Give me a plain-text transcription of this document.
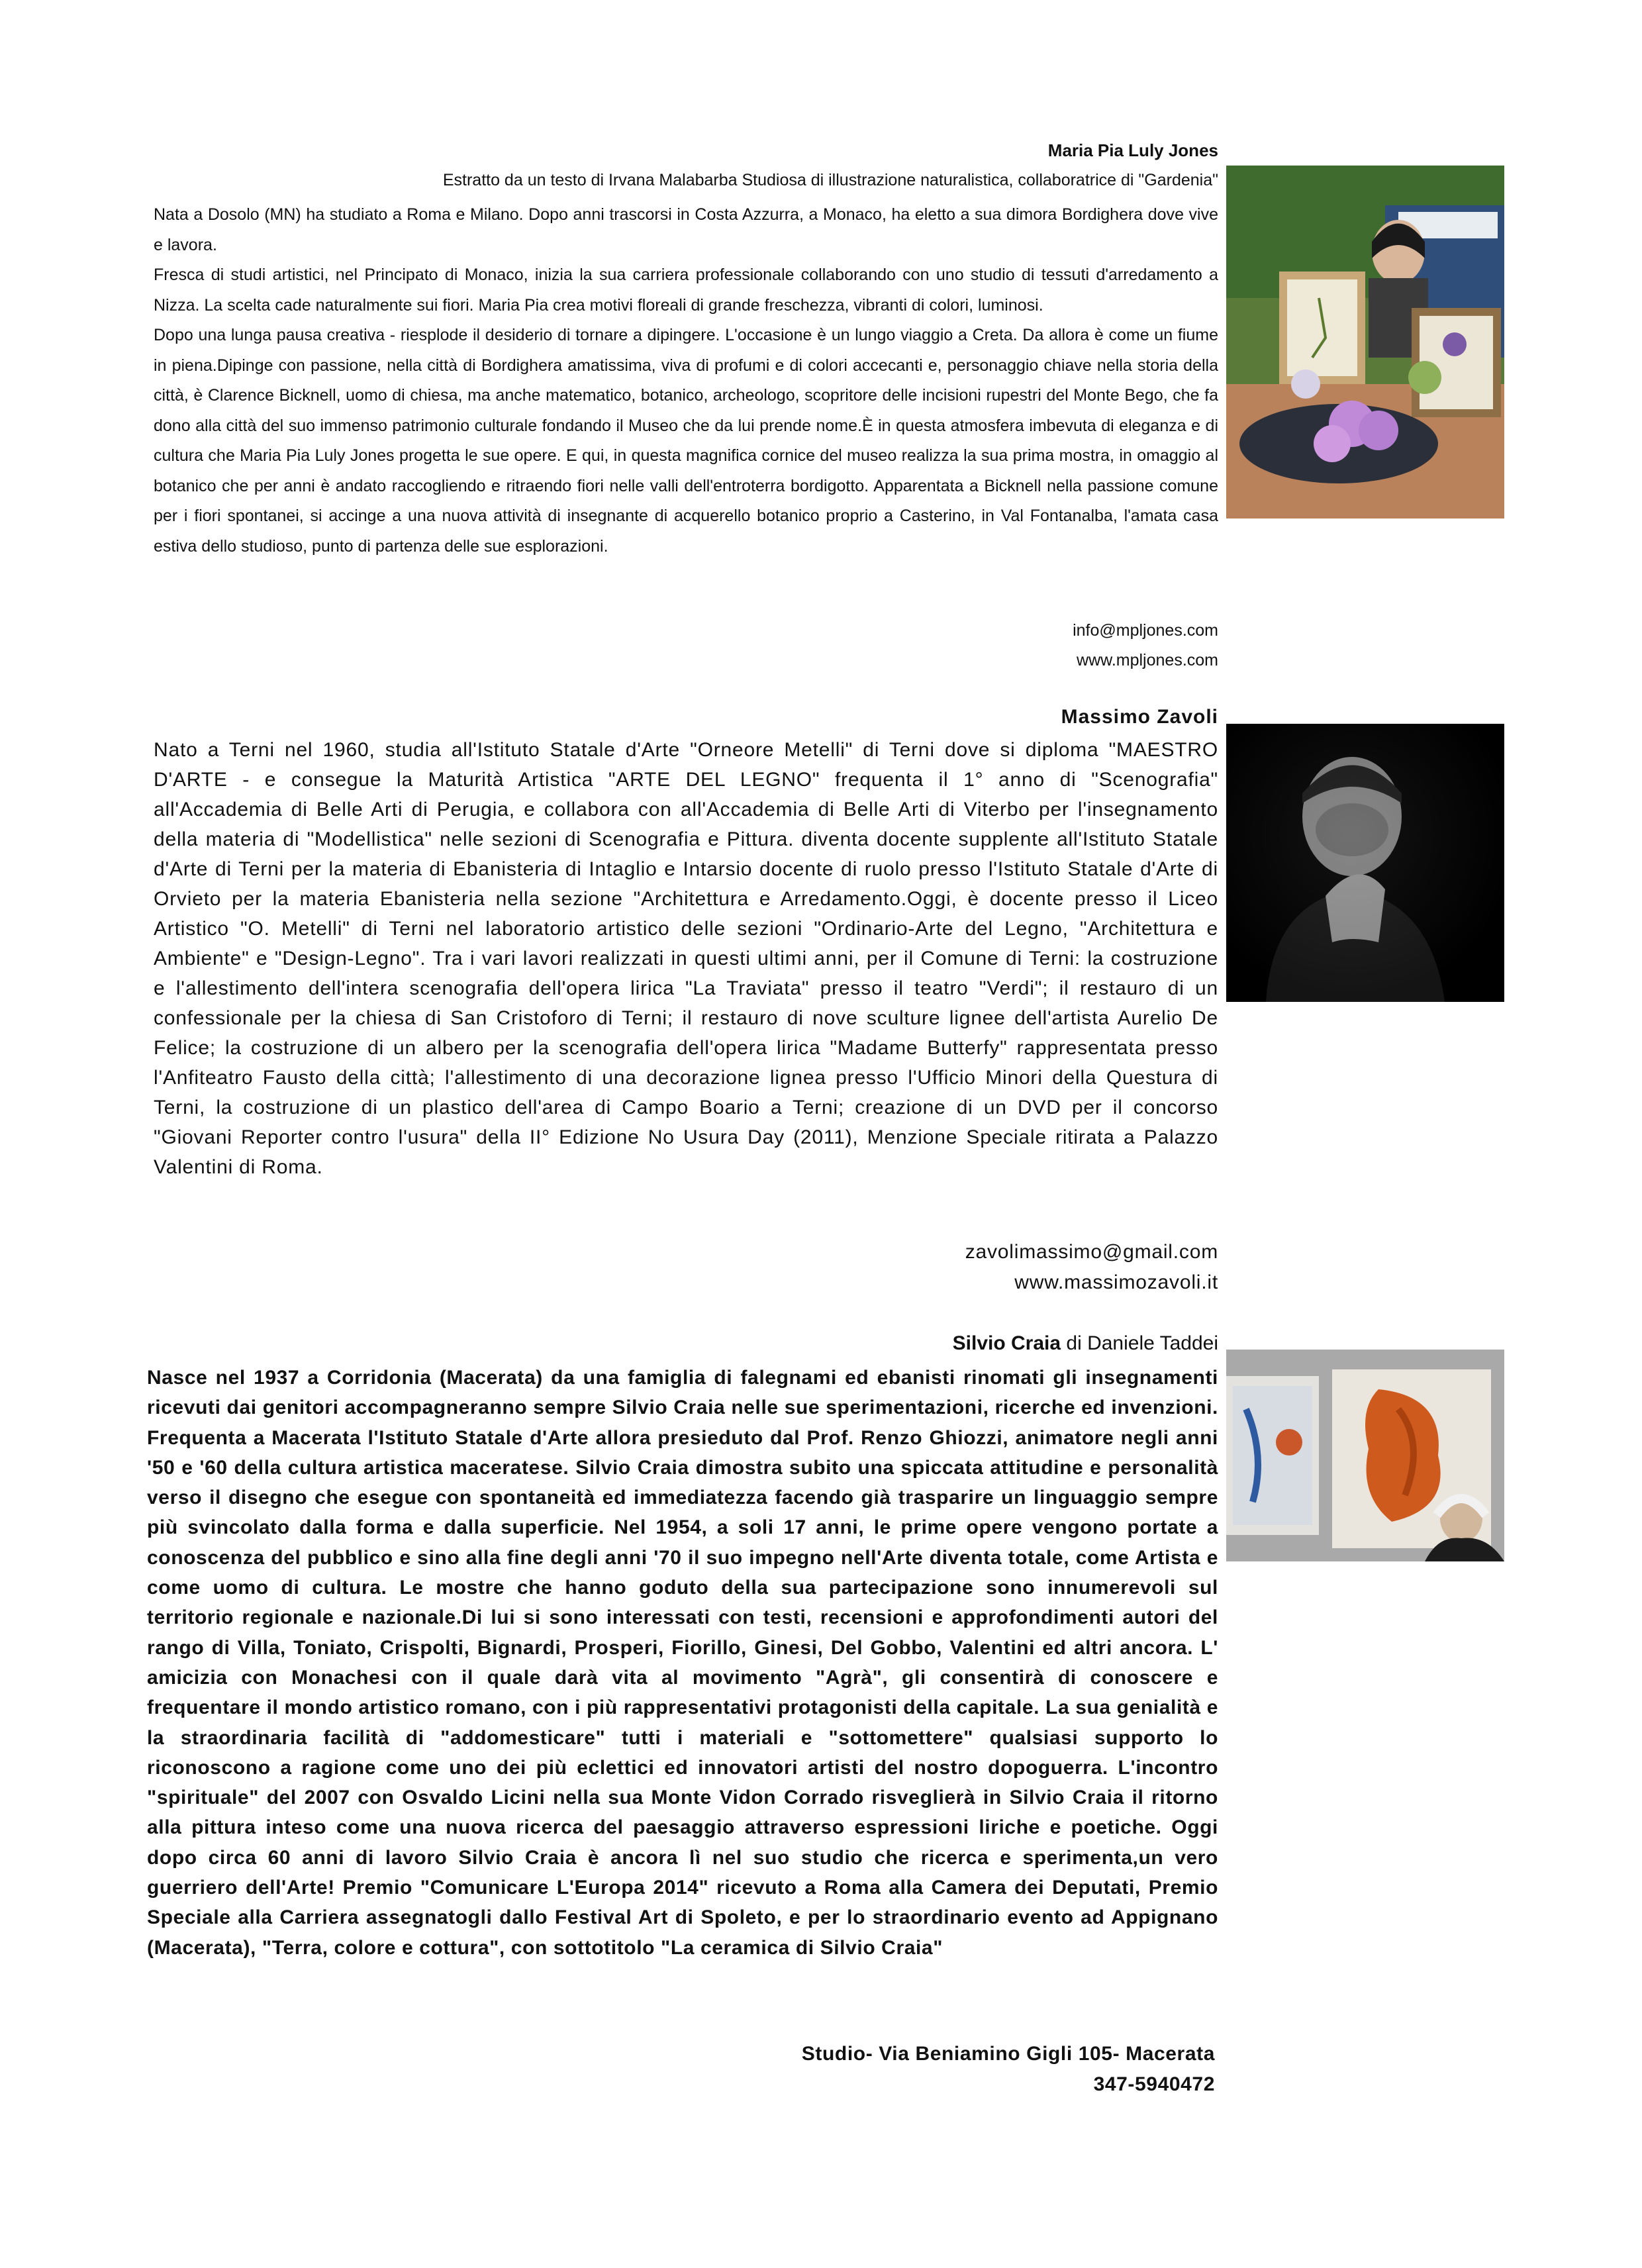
Maria Pia Luly Jones
Estratto da un testo di Irvana Malabarba Studiosa di illustrazione naturalistica, collaboratrice di "Gardenia"

Nata a Dosolo (MN) ha studiato a Roma e Milano. Dopo anni trascorsi in Costa Azzurra, a Monaco, ha eletto a sua dimora Bordighera dove vive e lavora.

Fresca di studi artistici, nel Principato di Monaco, inizia la sua carriera professionale collaborando con uno studio di tessuti d'arredamento a Nizza. La scelta cade naturalmente sui fiori. Maria Pia crea motivi floreali di grande freschezza, vibranti di colori, luminosi.

Dopo una lunga pausa creativa - riesplode il desiderio di tornare a dipingere. L'occasione è un lungo viaggio a Creta. Da allora è come un fiume in piena.Dipinge con passione, nella città di Bordighera amatissima, viva di profumi e di colori accecanti e, personaggio chiave nella storia della città, è Clarence Bicknell, uomo di chiesa, ma anche matematico, botanico, archeologo, scopritore delle incisioni rupestri del Monte Bego, che fa dono alla città del suo immenso patrimonio culturale fondando il Museo che da lui prende nome.È in questa atmosfera imbevuta di eleganza e di cultura che Maria Pia Luly Jones progetta le sue opere. E qui, in questa magnifica cornice del museo realizza la sua prima mostra, in omaggio al botanico che per anni è andato raccogliendo e ritraendo fiori nelle valli dell'entroterra bordigotto. Apparentata a Bicknell nella passione comune per i fiori spontanei, si accinge a una nuova attività di insegnante di acquerello botanico proprio a Casterino, in Val Fontanalba, l'amata casa estiva dello studioso, punto di partenza delle sue esplorazioni.

info@mpljones.com
www.mpljones.com
Massimo Zavoli
Nato a Terni nel 1960, studia all'Istituto Statale d'Arte "Orneore Metelli" di Terni dove si diploma "MAESTRO D'ARTE - e consegue la Maturità Artistica "ARTE DEL LEGNO" frequenta il 1° anno di "Scenografia" all'Accademia di Belle Arti di Perugia, e collabora con all'Accademia di Belle Arti di Viterbo per l'insegnamento della materia di "Modellistica" nelle sezioni di Scenografia e Pittura. diventa docente supplente all'Istituto Statale d'Arte di Terni per la materia di Ebanisteria di Intaglio e Intarsio docente di ruolo presso l'Istituto Statale d'Arte di Orvieto per la materia Ebanisteria nella sezione "Architettura e Arredamento.Oggi, è docente presso il Liceo Artistico "O. Metelli" di Terni nel laboratorio artistico delle sezioni "Ordinario-Arte del Legno, "Architettura e Ambiente" e "Design-Legno". Tra i vari lavori realizzati in questi ultimi anni, per il Comune di Terni: la costruzione e l'allestimento dell'intera scenografia dell'opera lirica "La Traviata" presso il teatro "Verdi"; il restauro di un confessionale per la chiesa di San Cristoforo di Terni; il restauro di nove sculture lignee dell'artista Aurelio De Felice; la costruzione di un albero per la scenografia dell'opera lirica "Madame Butterfy" rappresentata presso l'Anfiteatro Fausto della città; l'allestimento di una decorazione lignea presso l'Ufficio Minori della Questura di Terni, la costruzione di un plastico dell'area di Campo Boario a Terni; creazione di un DVD per il concorso "Giovani Reporter contro l'usura" della II° Edizione No Usura Day (2011), Menzione Speciale ritirata a Palazzo Valentini di Roma.
zavolimassimo@gmail.com
www.massimozavoli.it
Silvio Craia di Daniele Taddei
Nasce nel 1937 a Corridonia (Macerata) da una famiglia di falegnami ed ebanisti rinomati gli insegnamenti ricevuti dai genitori accompagneranno sempre Silvio Craia nelle sue sperimentazioni, ricerche ed invenzioni. Frequenta a Macerata l'Istituto Statale d'Arte allora presieduto dal Prof. Renzo Ghiozzi, animatore negli anni '50 e '60 della cultura artistica maceratese. Silvio Craia dimostra subito una spiccata attitudine e personalità verso il disegno che esegue con spontaneità ed immediatezza facendo già trasparire un linguaggio sempre più svincolato dalla forma e dalla superficie. Nel 1954, a soli 17 anni, le prime opere vengono portate a conoscenza del pubblico e sino alla fine degli anni '70 il suo impegno nell'Arte diventa totale, come Artista e come uomo di cultura. Le mostre che hanno goduto della sua partecipazione sono innumerevoli sul territorio regionale e nazionale.Di lui si sono interessati con testi, recensioni e approfondimenti autori del rango di Villa, Toniato, Crispolti, Bignardi, Prosperi, Fiorillo, Ginesi, Del Gobbo, Valentini ed altri ancora. L' amicizia con Monachesi con il quale darà vita al movimento "Agrà", gli consentirà di conoscere e frequentare il mondo artistico romano, con i più rappresentativi protagonisti della capitale. La sua genialità e la straordinaria facilità di "addomesticare" tutti i materiali e "sottomettere" qualsiasi supporto lo riconoscono a ragione come uno dei più eclettici ed innovatori artisti del nostro dopoguerra. L'incontro "spirituale" del 2007 con Osvaldo Licini nella sua Monte Vidon Corrado risveglierà in Silvio Craia il ritorno alla pittura inteso come una nuova ricerca del paesaggio attraverso espressioni liriche e poetiche. Oggi dopo circa 60 anni di lavoro Silvio Craia è ancora lì nel suo studio che ricerca e sperimenta,un vero guerriero dell'Arte! Premio "Comunicare L'Europa 2014" ricevuto a Roma alla Camera dei Deputati, Premio Speciale alla Carriera assegnatogli dallo Festival Art di Spoleto, e per lo straordinario evento ad Appignano (Macerata), "Terra, colore e cottura", con sottotitolo "La ceramica di Silvio Craia"
Studio- Via Beniamino Gigli 105- Macerata
347-5940472
